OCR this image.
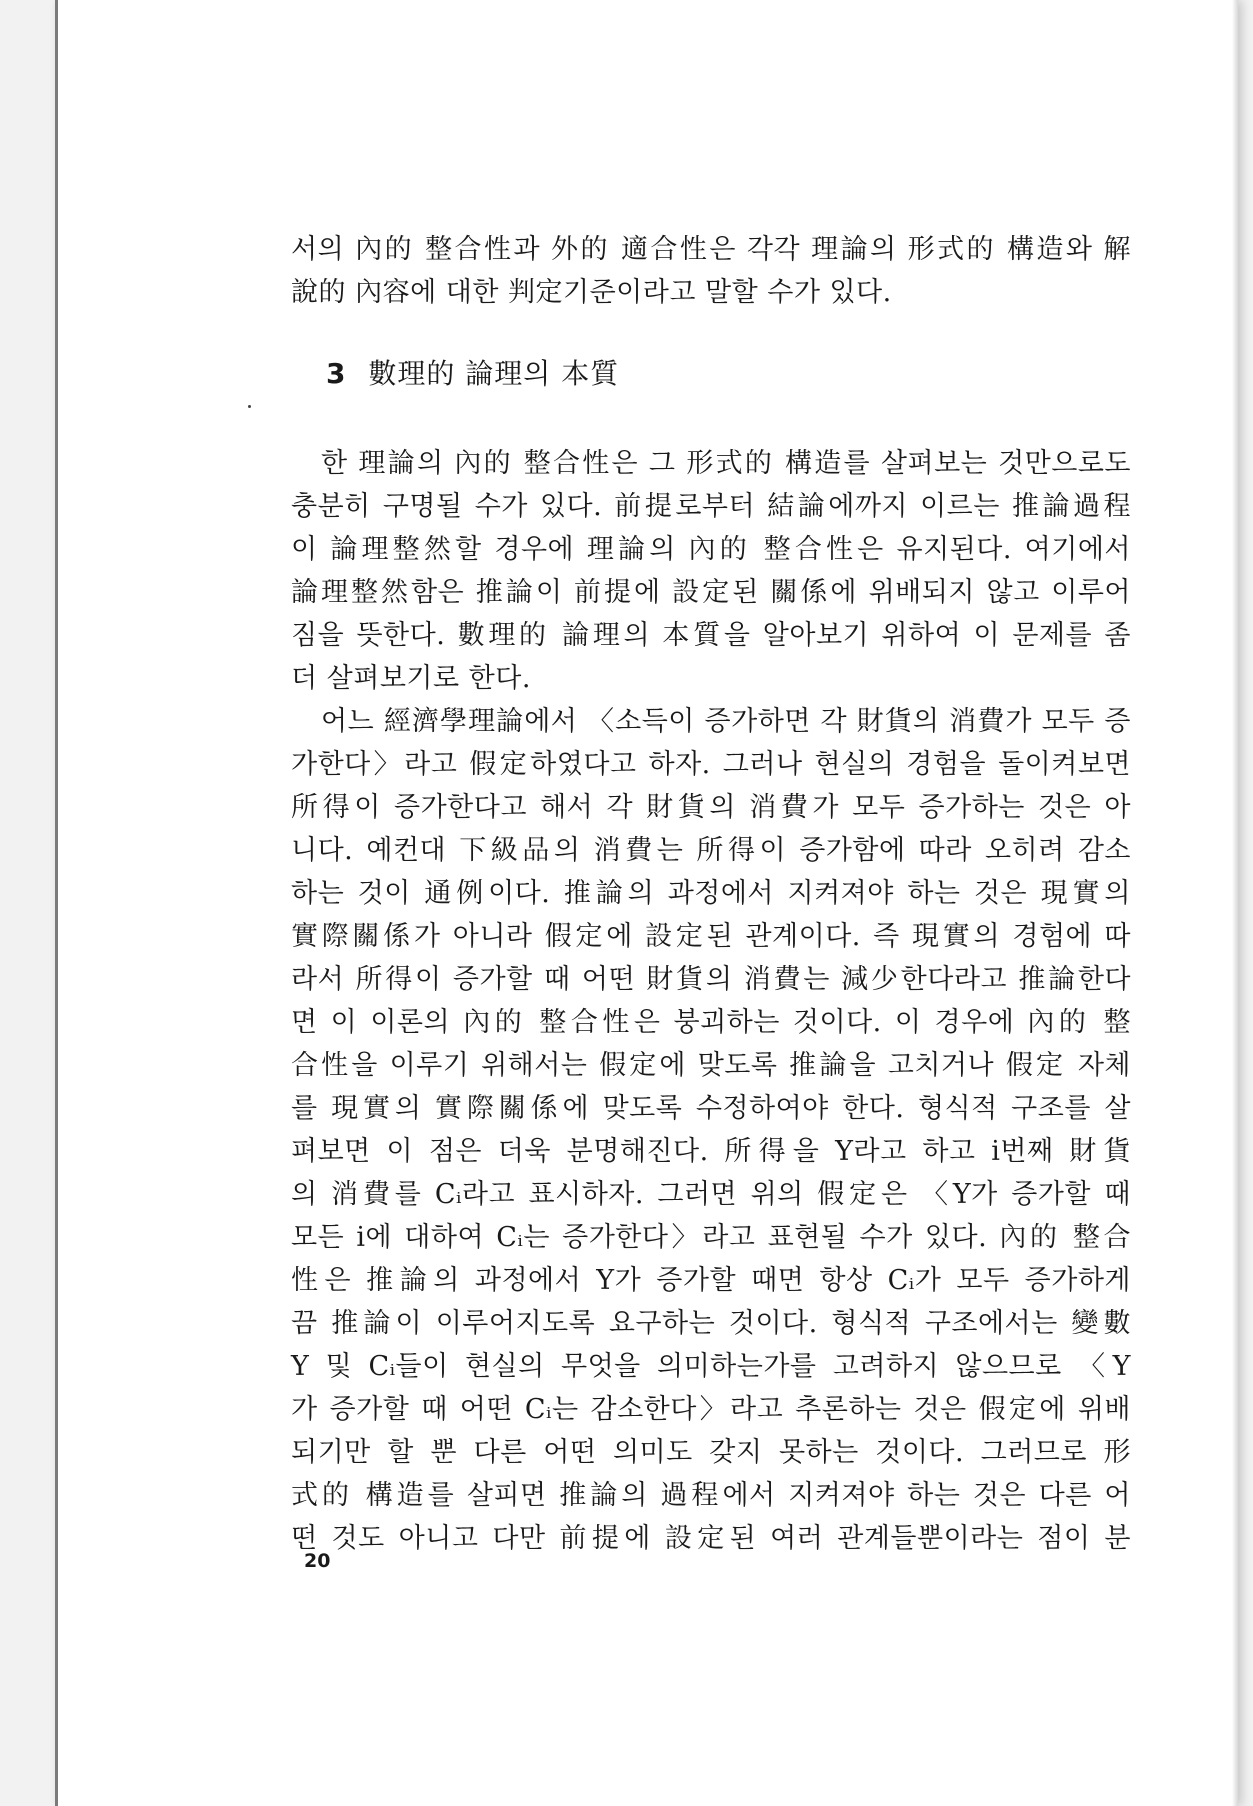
서의 內的 整合性과 外的 適合性은 각각 理論의 形式的 構造와 解
說的 內容에 대한 判定기준이라고 말할 수가 있다.
3 數理的 論理의 本質
한 理論의 內的 整合性은 그 形式的 構造를 살펴보는 것만으로도
충분히 구명될 수가 있다. 前提로부터 結論에까지 이르는 推論過程
이 論理整然할 경우에 理論의 內的 整合性은 유지된다. 여기에서
論理整然함은 推論이 前提에 設定된 關係에 위배되지 않고 이루어
짐을 뜻한다. 數理的 論理의 本質을 알아보기 위하여 이 문제를 좀
더 살펴보기로 한다.
어느 經濟學理論에서 〈소득이 증가하면 각 財貨의 消費가 모두 증
가한다〉라고 假定하였다고 하자. 그러나 현실의 경험을 돌이켜보면
所得이 증가한다고 해서 각 財貨의 消費가 모두 증가하는 것은 아
니다. 예컨대 下級品의 消費는 所得이 증가함에 따라 오히려 감소
하는 것이 通例이다. 推論의 과정에서 지켜져야 하는 것은 現實의
實際關係가 아니라 假定에 設定된 관계이다. 즉 現實의 경험에 따
라서 所得이 증가할 때 어떤 財貨의 消費는 減少한다라고 推論한다
면 이 이론의 內的 整合性은 붕괴하는 것이다. 이 경우에 內的 整
合性을 이루기 위해서는 假定에 맞도록 推論을 고치거나 假定 자체
를 現實의 實際關係에 맞도록 수정하여야 한다. 형식적 구조를 살
펴보면 이 점은 더욱 분명해진다. 所得을 Y라고 하고 i번째 財貨
의 消費를 Cᵢ라고 표시하자. 그러면 위의 假定은 〈Y가 증가할 때
모든 i에 대하여 Cᵢ는 증가한다〉라고 표현될 수가 있다. 內的 整合
性은 推論의 과정에서 Y가 증가할 때면 항상 Cᵢ가 모두 증가하게
끔 推論이 이루어지도록 요구하는 것이다. 형식적 구조에서는 變數
Y 및 Cᵢ들이 현실의 무엇을 의미하는가를 고려하지 않으므로 〈Y
가 증가할 때 어떤 Cᵢ는 감소한다〉라고 추론하는 것은 假定에 위배
되기만 할 뿐 다른 어떤 의미도 갖지 못하는 것이다. 그러므로 形
式的 構造를 살피면 推論의 過程에서 지켜져야 하는 것은 다른 어
떤 것도 아니고 다만 前提에 設定된 여러 관계들뿐이라는 점이 분
20
